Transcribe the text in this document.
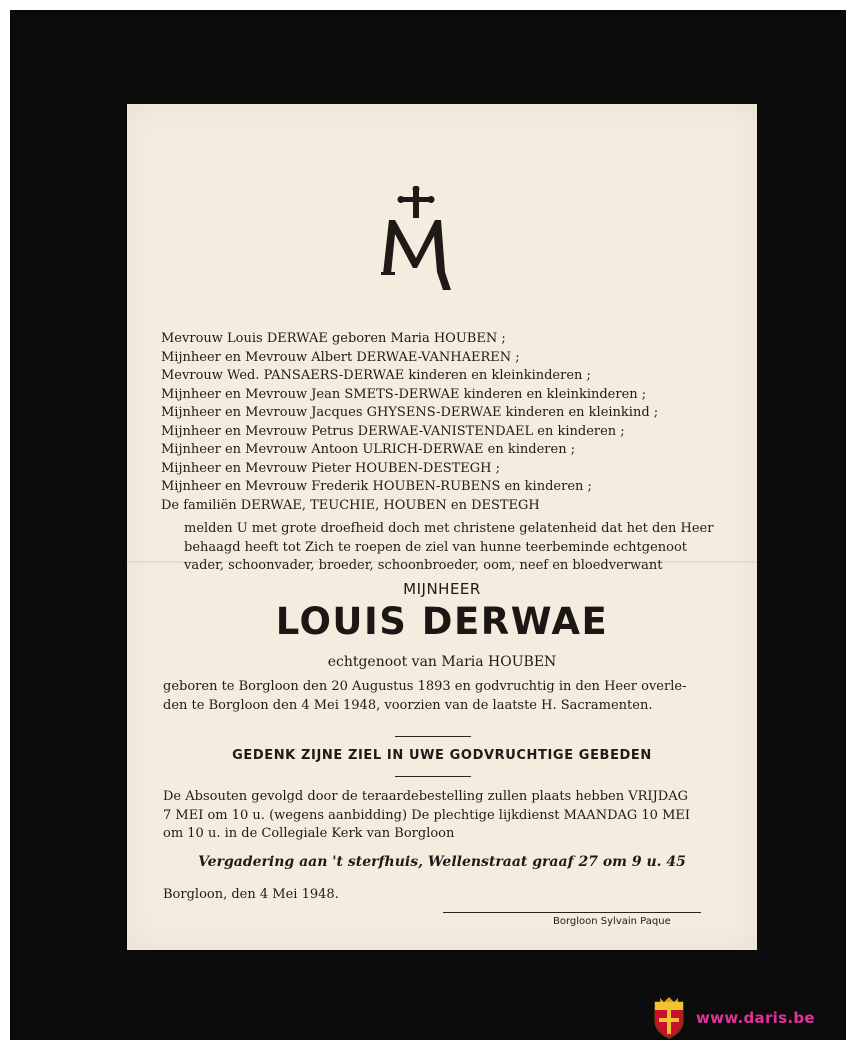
Mevrouw Louis DERWAE geboren Maria HOUBEN ;
Mijnheer en Mevrouw Albert DERWAE-VANHAEREN ;
Mevrouw Wed. PANSAERS-DERWAE kinderen en kleinkinderen ;
Mijnheer en Mevrouw Jean SMETS-DERWAE kinderen en kleinkinderen ;
Mijnheer en Mevrouw Jacques GHYSENS-DERWAE kinderen en kleinkind ;
Mijnheer en Mevrouw Petrus DERWAE-VANISTENDAEL en kinderen ;
Mijnheer en Mevrouw Antoon ULRICH-DERWAE en kinderen ;
Mijnheer en Mevrouw Pieter HOUBEN-DESTEGH ;
Mijnheer en Mevrouw Frederik HOUBEN-RUBENS en kinderen ;
De familiën DERWAE, TEUCHIE, HOUBEN en DESTEGH
melden U met grote droefheid doch met christene gelatenheid dat het den Heer
behaagd heeft tot Zich te roepen de ziel van hunne teerbeminde echtgenoot
vader, schoonvader, broeder, schoonbroeder, oom, neef en bloedverwant
MIJNHEER
LOUIS DERWAE
echtgenoot van Maria HOUBEN
geboren te Borgloon den 20 Augustus 1893 en godvruchtig in den Heer overle-
den te Borgloon den 4 Mei 1948, voorzien van de laatste H. Sacramenten.
GEDENK ZIJNE ZIEL IN UWE GODVRUCHTIGE GEBEDEN
De Absouten gevolgd door de teraardebestelling zullen plaats hebben VRIJDAG
7 MEI om 10 u. (wegens aanbidding) De plechtige lijkdienst MAANDAG 10 MEI
om 10 u. in de Collegiale Kerk van Borgloon
Vergadering aan 't sterfhuis, Wellenstraat graaf 27 om 9 u. 45
Borgloon, den 4 Mei 1948.
Borgloon Sylvain Paque
www.daris.be
